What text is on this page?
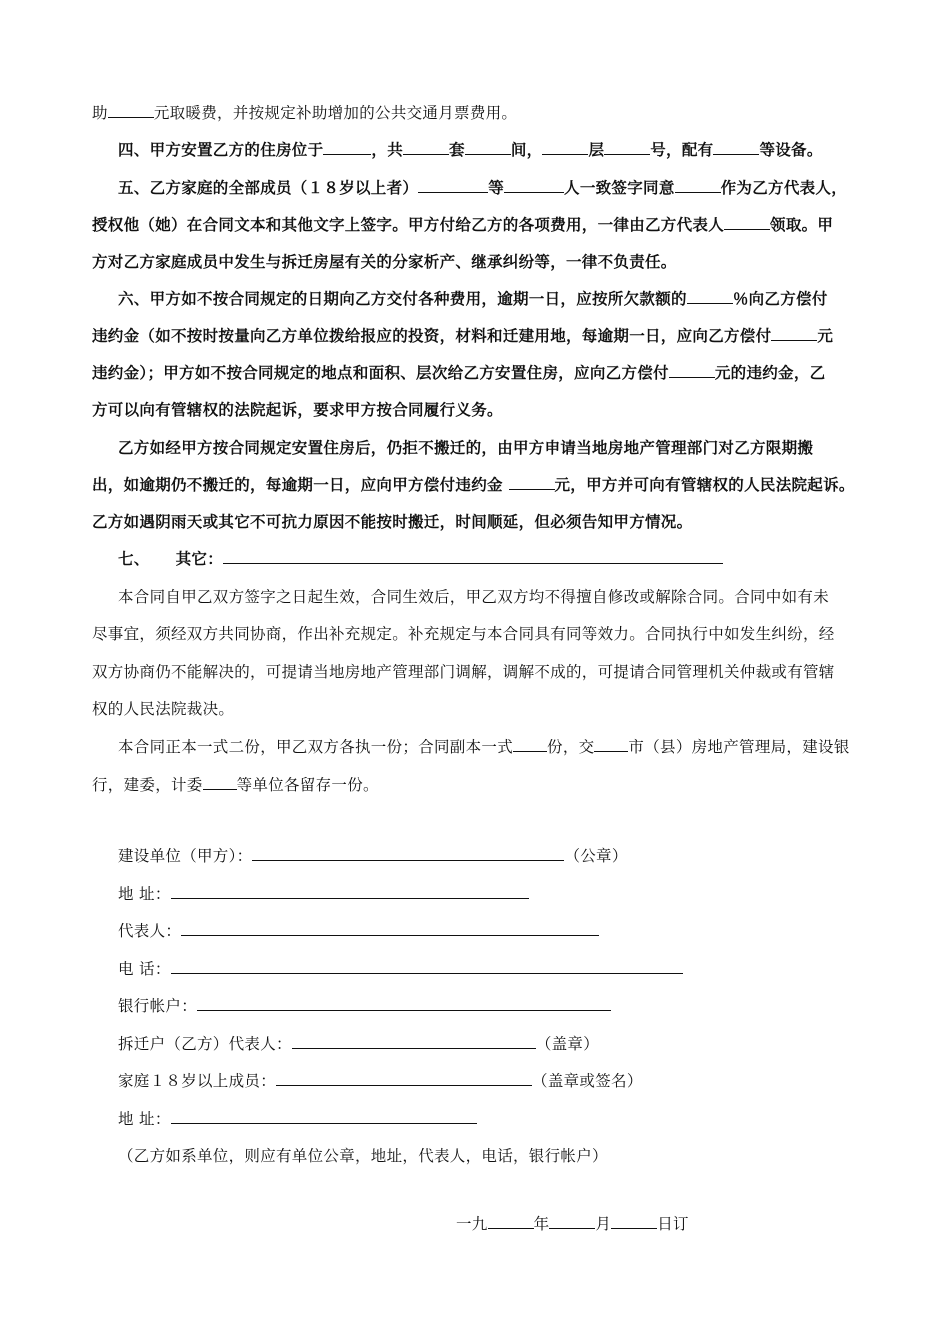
助	元取暖费，并按规定补助增加的公共交通月票费用。
四、甲方安置乙方的住房位于	，共	套	间，	层	号，配有	等设备。
五、乙方家庭的全部成员（１８岁以上者）	等	人一致签字同意	作为乙方代表人，
授权他（她）在合同文本和其他文字上签字。甲方付给乙方的各项费用，一律由乙方代表人	领取。甲
方对乙方家庭成员中发生与拆迁房屋有关的分家析产、继承纠纷等，一律不负责任。
六、甲方如不按合同规定的日期向乙方交付各种费用，逾期一日，应按所欠款额的	％向乙方偿付
违约金（如不按时按量向乙方单位拨给报应的投资，材料和迁建用地，每逾期一日，应向乙方偿付	元
违约金）；甲方如不按合同规定的地点和面积、层次给乙方安置住房，应向乙方偿付	元的违约金，乙
方可以向有管辖权的法院起诉，要求甲方按合同履行义务。
乙方如经甲方按合同规定安置住房后，仍拒不搬迁的，由甲方申请当地房地产管理部门对乙方限期搬
出，如逾期仍不搬迁的，每逾期一日，应向甲方偿付违约金	元，甲方并可向有管辖权的人民法院起诉。
乙方如遇阴雨天或其它不可抗力原因不能按时搬迁，时间顺延，但必须告知甲方情况。
七、 其它：
本合同自甲乙双方签字之日起生效，合同生效后，甲乙双方均不得擅自修改或解除合同。合同中如有未
尽事宜，须经双方共同协商，作出补充规定。补充规定与本合同具有同等效力。合同执行中如发生纠纷，经
双方协商仍不能解决的，可提请当地房地产管理部门调解，调解不成的，可提请合同管理机关仲裁或有管辖
权的人民法院裁决。
本合同正本一式二份，甲乙双方各执一份；合同副本一式 份，交 市（县）房地产管理局，建设银
行，建委，计委 等单位各留存一份。
建设单位（甲方）：	（公章）
地 址：
代表人：
电 话：
银行帐户：
拆迁户（乙方）代表人：	（盖章）
家庭１８岁以上成员：	（盖章或签名）
地 址：
（乙方如系单位，则应有单位公章，地址，代表人，电话，银行帐户）
一九	年	月	日订
